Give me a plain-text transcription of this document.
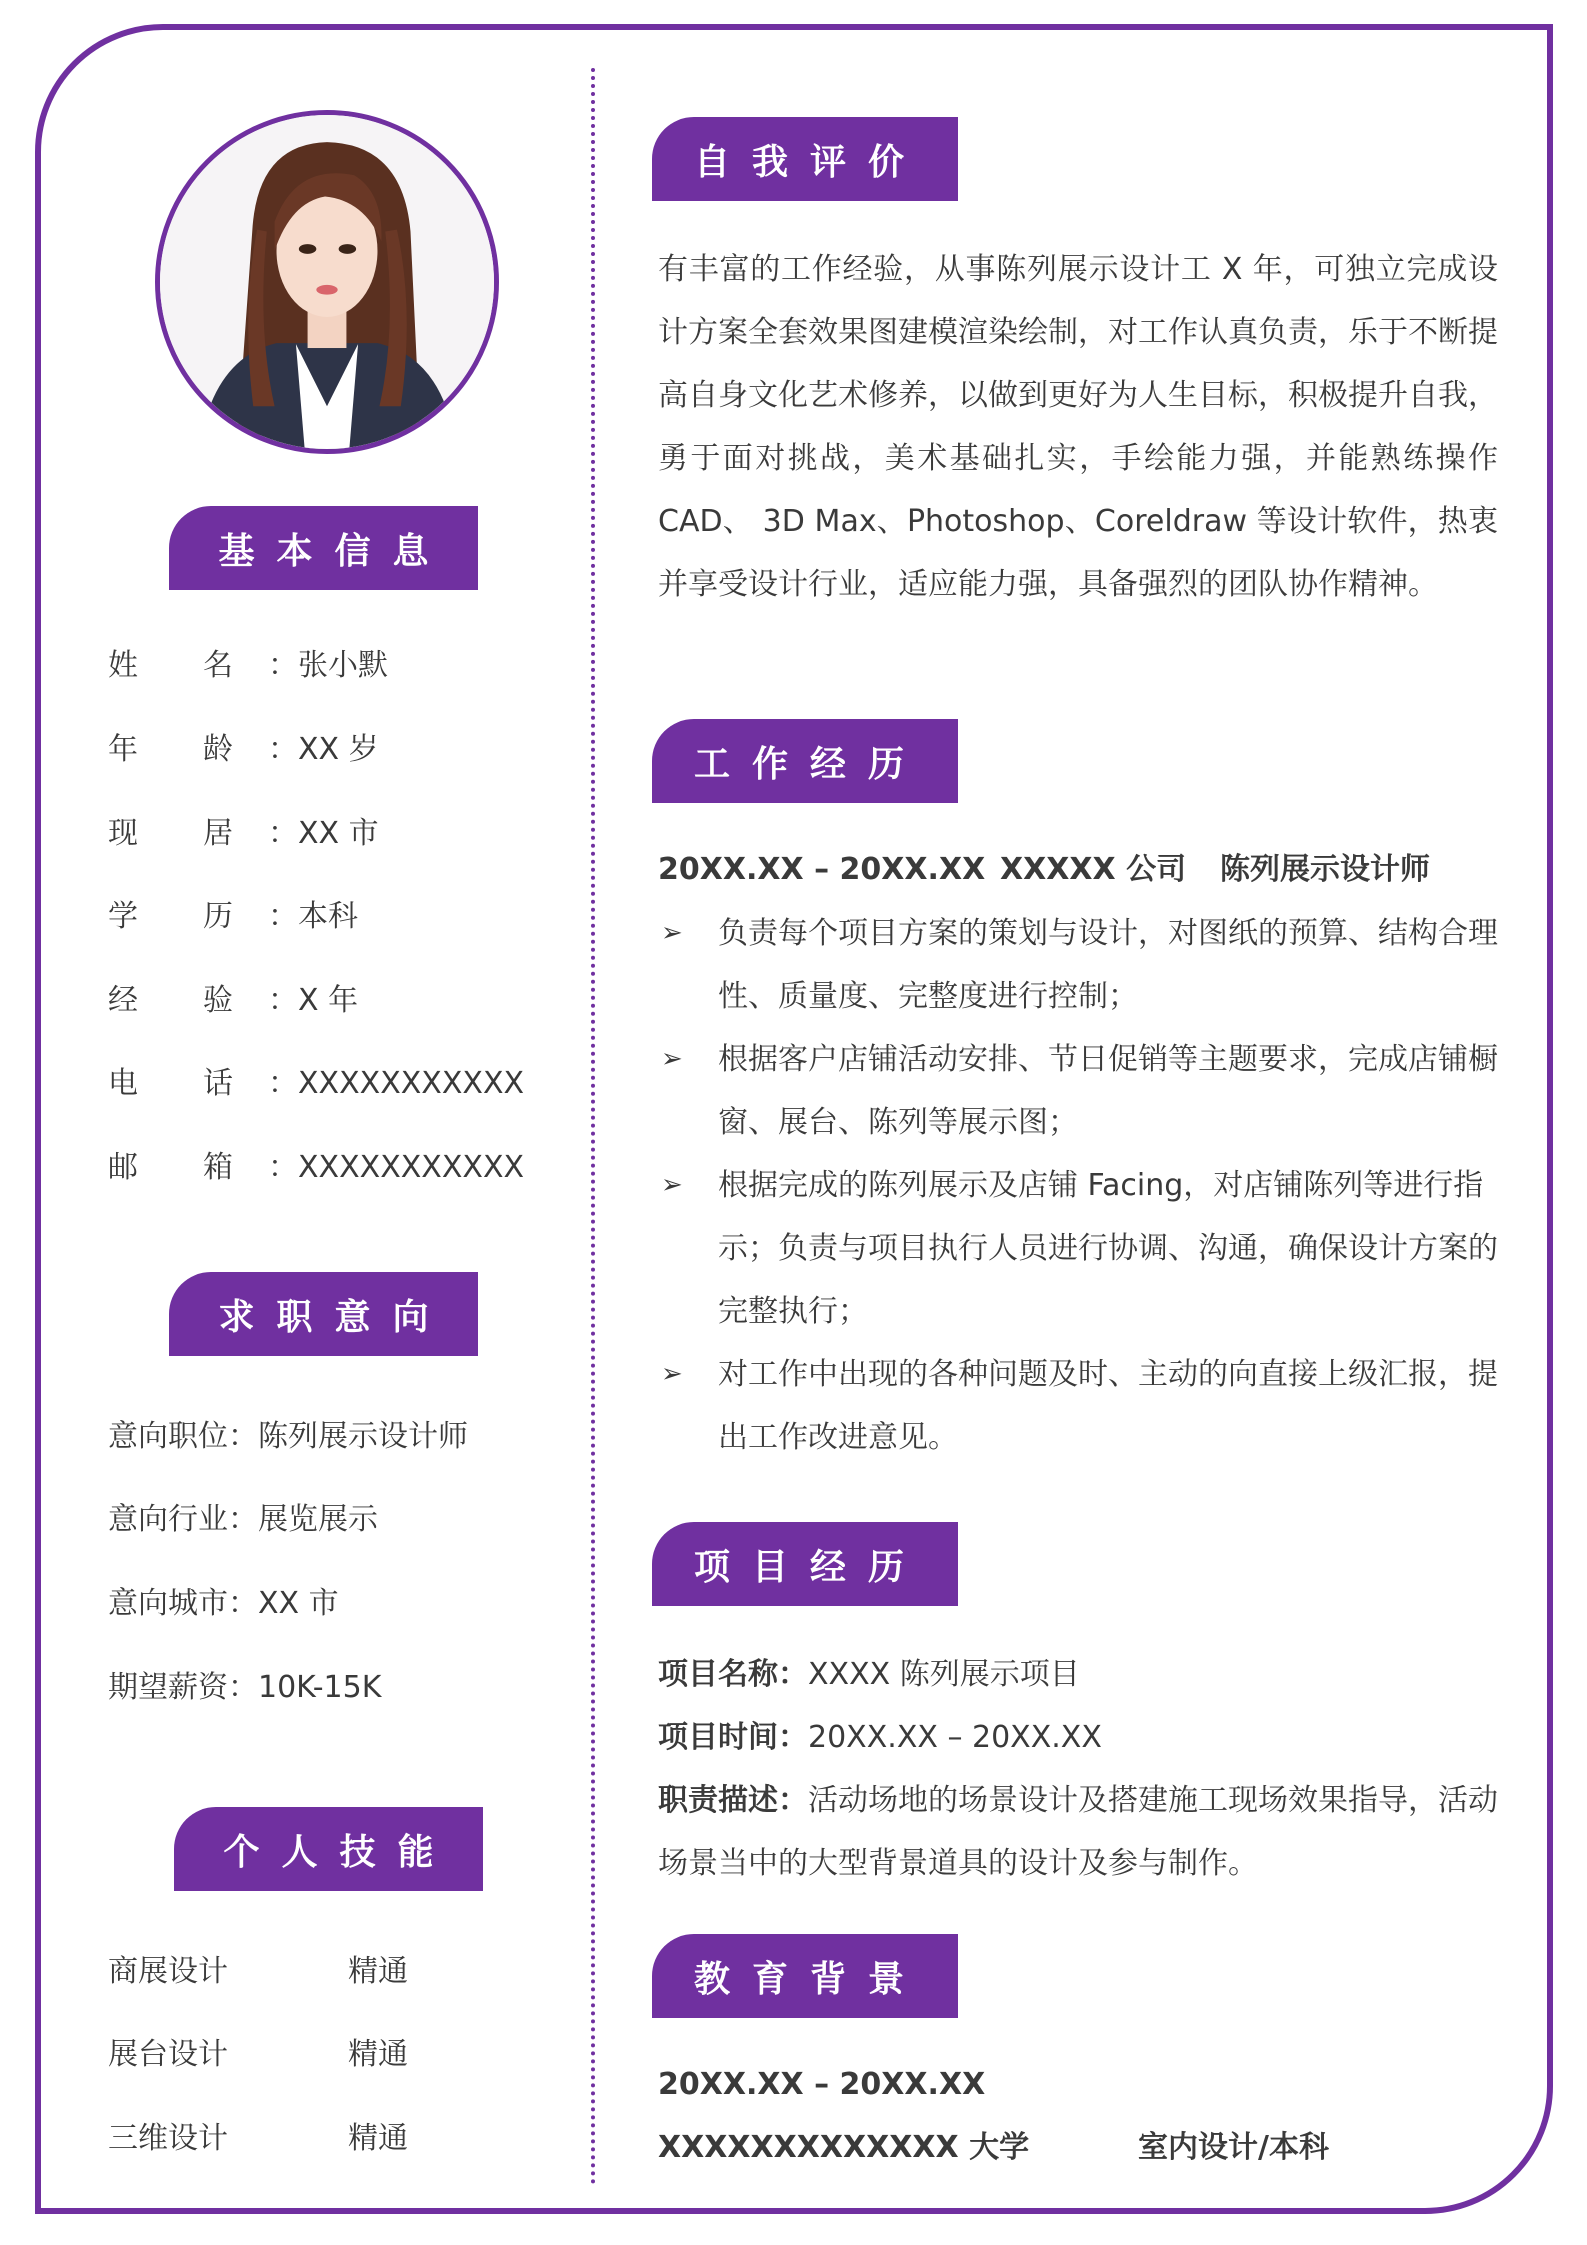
基本信息
姓 名 ：张小默
年 龄 ：XX 岁
现 居 ：XX 市
学 历 ：本科
经 验 ：X 年
电 话 ：XXXXXXXXXXX
邮 箱 ：XXXXXXXXXXX
求职意向
意向职位：陈列展示设计师
意向行业：展览展示
意向城市：XX 市
期望薪资：10K-15K
个人技能
商展设计	精通
展台设计	精通
三维设计	精通
自我评价
有丰富的工作经验，从事陈列展示设计工 X 年，可独立完成设计方案全套效果图建模渲染绘制，对工作认真负责，乐于不断提高自身文化艺术修养，以做到更好为人生目标，积极提升自我，勇于面对挑战，美术基础扎实，手绘能力强，并能熟练操作 CAD、 3D Max、Photoshop、Coreldraw 等设计软件，热衷并享受设计行业，适应能力强，具备强烈的团队协作精神。
工作经历
20XX.XX – 20XX.XX XXXXX 公司 陈列展示设计师
➢ 负责每个项目方案的策划与设计，对图纸的预算、结构合理性、质量度、完整度进行控制；
➢ 根据客户店铺活动安排、节日促销等主题要求，完成店铺橱窗、展台、陈列等展示图；
➢ 根据完成的陈列展示及店铺 Facing，对店铺陈列等进行指示；负责与项目执行人员进行协调、沟通，确保设计方案的完整执行；
➢ 对工作中出现的各种问题及时、主动的向直接上级汇报，提出工作改进意见。
项目经历
项目名称：XXXX 陈列展示项目
项目时间：20XX.XX – 20XX.XX
职责描述：活动场地的场景设计及搭建施工现场效果指导，活动场景当中的大型背景道具的设计及参与制作。
教育背景
20XX.XX – 20XX.XX
XXXXXXXXXXXXX 大学	室内设计/本科
